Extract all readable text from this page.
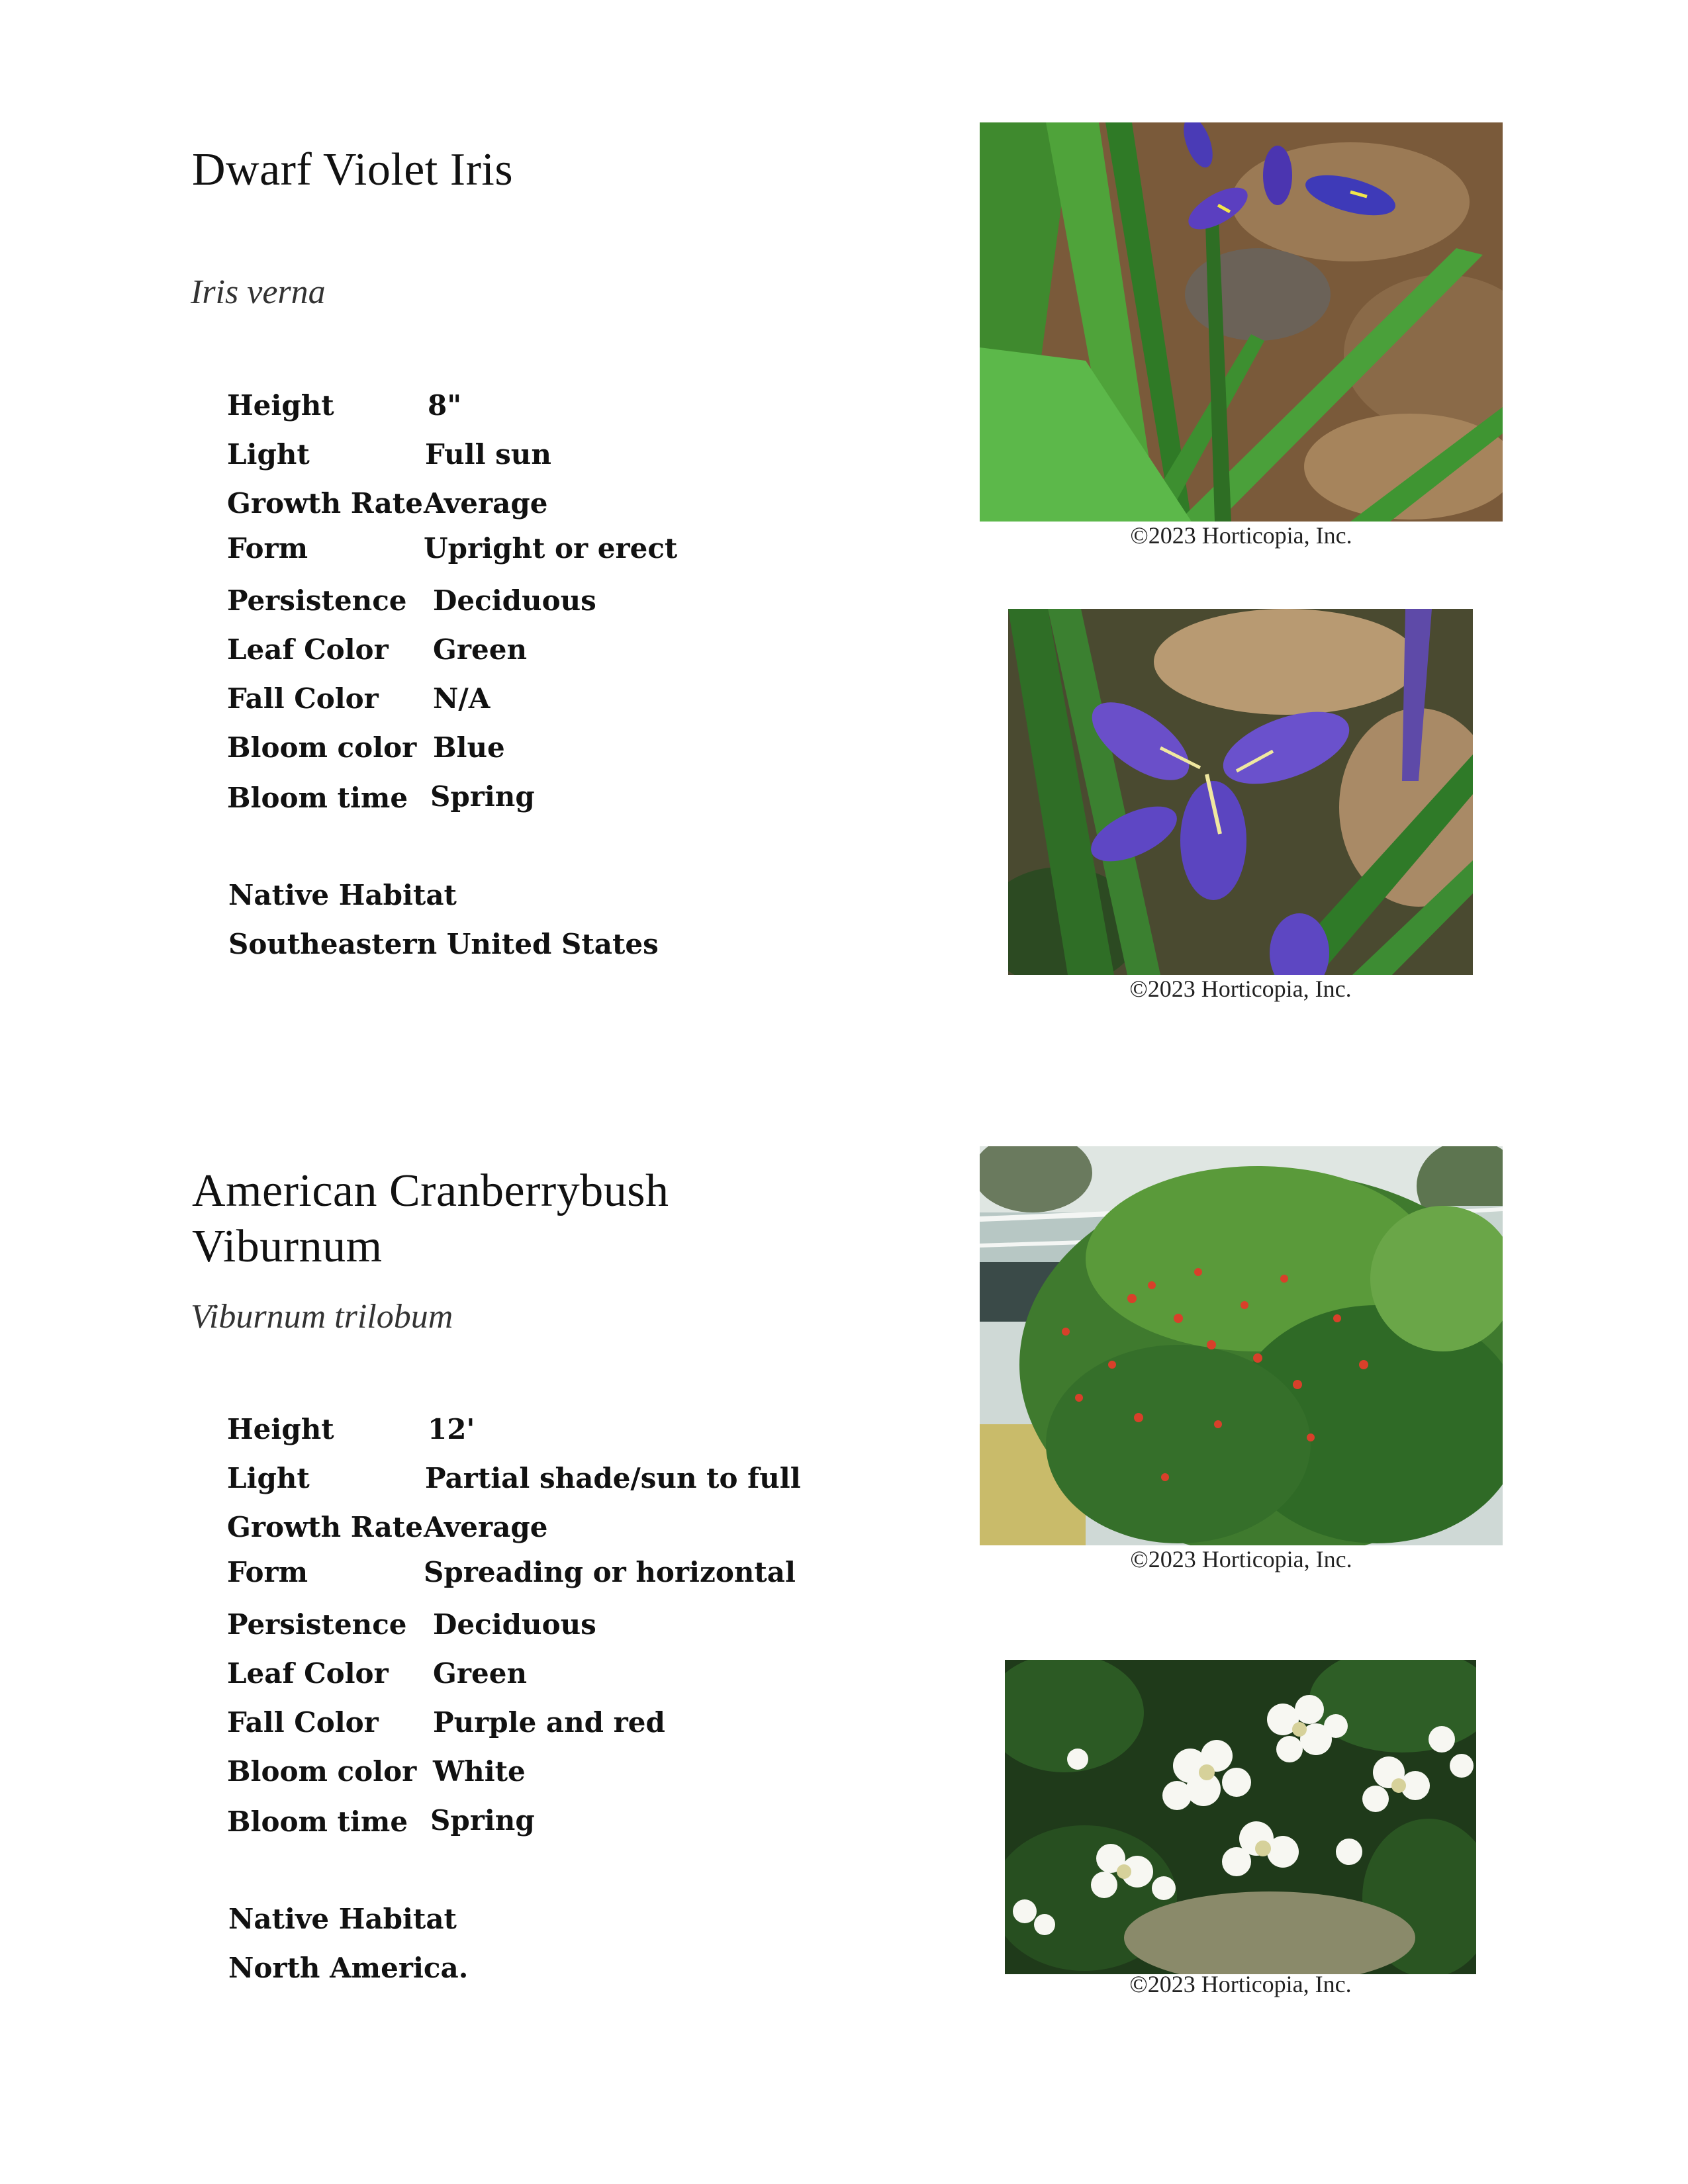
Dwarf Violet Iris

Iris verna

Height	8"
Light	Full sun
Growth Rate Average
Form	Upright or erect
Persistence Deciduous
Leaf Color Green
Fall Color N/A
Bloom color Blue
Bloom time Spring
Native Habitat
Southeastern United States
©2023 Horticopia, Inc.
©2023 Horticopia, Inc.
American Cranberrybush
Viburnum

Viburnum trilobum

Height	12'
Light	Partial shade/sun to full
Growth Rate Average
Form	Spreading or horizontal
Persistence Deciduous
Leaf Color Green
Fall Color Purple and red
Bloom color White
Bloom time Spring
Native Habitat
North America.
©2023 Horticopia, Inc.
©2023 Horticopia, Inc.
